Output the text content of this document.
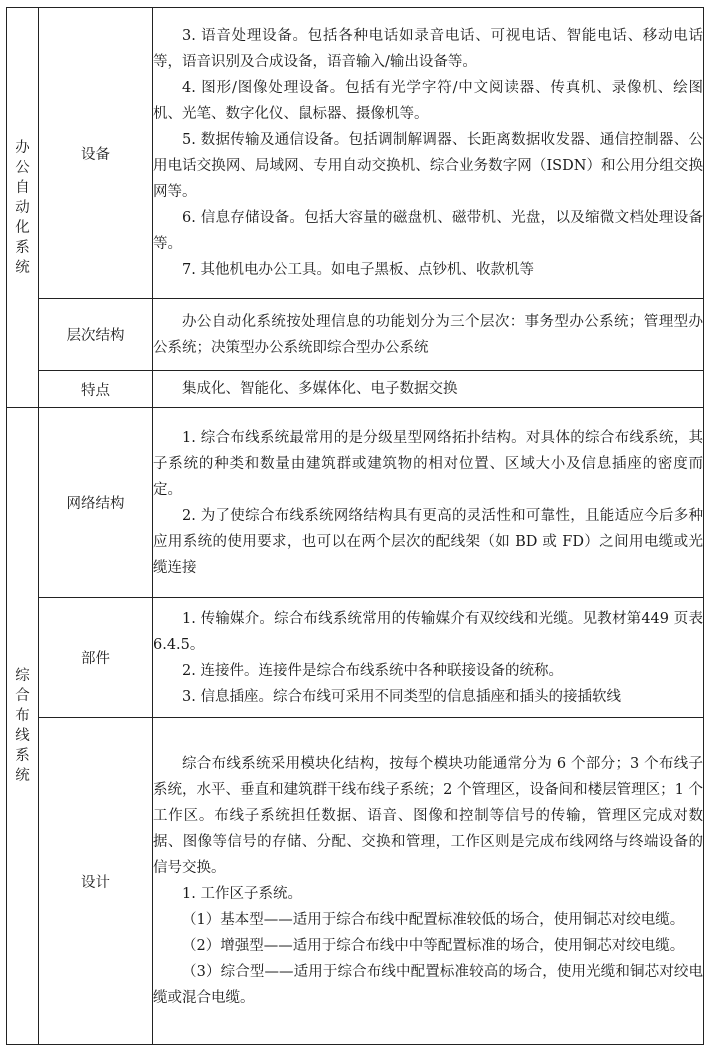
办公自动化系统	设备	3. 语音处理设备。包括各种电话如录音电话、可视电话、智能电话、移动电话等，语音识别及合成设备，语音输入/输出设备等。

4. 图形/图像处理设备。包括有光学字符/中文阅读器、传真机、录像机、绘图机、光笔、数字化仪、鼠标器、摄像机等。

5. 数据传输及通信设备。包括调制解调器、长距离数据收发器、通信控制器、公用电话交换网、局域网、专用自动交换机、综合业务数字网（ISDN）和公用分组交换网等。

6. 信息存储设备。包括大容量的磁盘机、磁带机、光盘，以及缩微文档处理设备等。

7. 其他机电办公工具。如电子黑板、点钞机、收款机等

	层次结构	办公自动化系统按处理信息的功能划分为三个层次：事务型办公系统；管理型办公系统；决策型办公系统即综合型办公系统

	特点	集成化、智能化、多媒体化、电子数据交换

综合布线系统	网络结构	1. 综合布线系统最常用的是分级星型网络拓扑结构。对具体的综合布线系统，其子系统的种类和数量由建筑群或建筑物的相对位置、区域大小及信息插座的密度而定。

2. 为了使综合布线系统网络结构具有更高的灵活性和可靠性，且能适应今后多种应用系统的使用要求，也可以在两个层次的配线架（如 BD 或 FD）之间用电缆或光缆连接

	部件	1. 传输媒介。综合布线系统常用的传输媒介有双绞线和光缆。见教材第449 页表 6.4.5。

2. 连接件。连接件是综合布线系统中各种联接设备的统称。

3. 信息插座。综合布线可采用不同类型的信息插座和插头的接插软线

	设计	综合布线系统采用模块化结构，按每个模块功能通常分为 6 个部分；3 个布线子系统，水平、垂直和建筑群干线布线子系统；2 个管理区，设备间和楼层管理区；1 个工作区。布线子系统担任数据、语音、图像和控制等信号的传输，管理区完成对数据、图像等信号的存储、分配、交换和管理，工作区则是完成布线网络与终端设备的信号交换。

1. 工作区子系统。

（1）基本型——适用于综合布线中配置标准较低的场合，使用铜芯对绞电缆。

（2）增强型——适用于综合布线中中等配置标准的场合，使用铜芯对绞电缆。

（3）综合型——适用于综合布线中配置标准较高的场合，使用光缆和铜芯对绞电缆或混合电缆。
